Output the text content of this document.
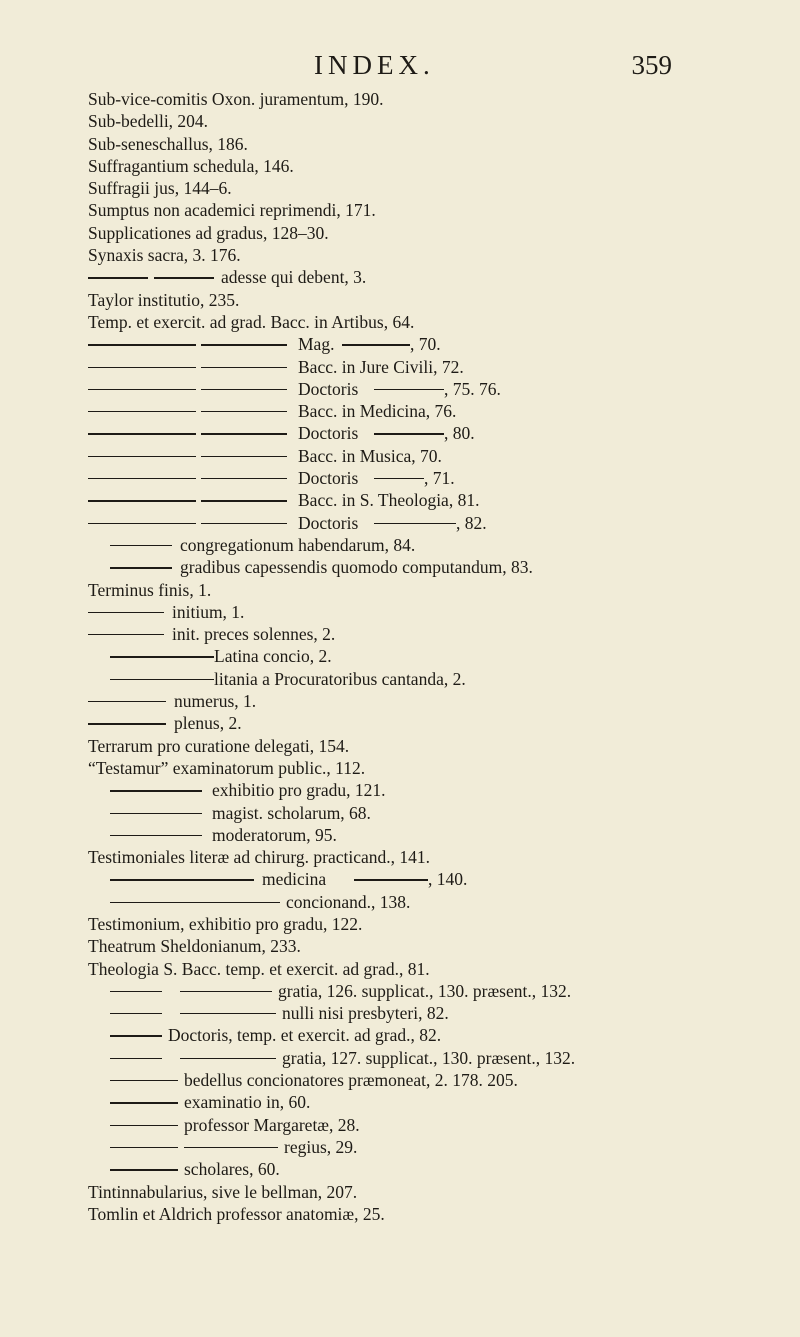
INDEX.	359
Sub-vice-comitis Oxon. juramentum, 190.
Sub-bedelli, 204.
Sub-seneschallus, 186.
Suffragantium schedula, 146.
Suffragii jus, 144–6.
Sumptus non academici reprimendi, 171.
Supplicationes ad gradus, 128–30.
Synaxis sacra, 3. 176.
adesse qui debent, 3.
Taylor institutio, 235.
Temp. et exercit. ad grad. Bacc. in Artibus, 64.
Mag.	, 70.
Bacc. in Jure Civili, 72.
Doctoris	, 75. 76.
Bacc. in Medicina, 76.
Doctoris	, 80.
Bacc. in Musica, 70.
Doctoris	, 71.
Bacc. in S. Theologia, 81.
Doctoris	, 82.
congregationum habendarum, 84.
gradibus capessendis quomodo computandum, 83.
Terminus finis, 1.
initium, 1.
init. preces solennes, 2.
Latina concio, 2.
litania a Procuratoribus cantanda, 2.
numerus, 1.
plenus, 2.
Terrarum pro curatione delegati, 154.
“Testamur” examinatorum public., 112.
exhibitio pro gradu, 121.
magist. scholarum, 68.
moderatorum, 95.
Testimoniales literæ ad chirurg. practicand., 141.
medicina	, 140.
concionand., 138.
Testimonium, exhibitio pro gradu, 122.
Theatrum Sheldonianum, 233.
Theologia S. Bacc. temp. et exercit. ad grad., 81.
gratia, 126. supplicat., 130. præsent., 132.
nulli nisi presbyteri, 82.
Doctoris, temp. et exercit. ad grad., 82.
gratia, 127. supplicat., 130. præsent., 132.
bedellus concionatores præmoneat, 2. 178. 205.
examinatio in, 60.
professor Margaretæ, 28.
regius, 29.
scholares, 60.
Tintinnabularius, sive le bellman, 207.
Tomlin et Aldrich professor anatomiæ, 25.
